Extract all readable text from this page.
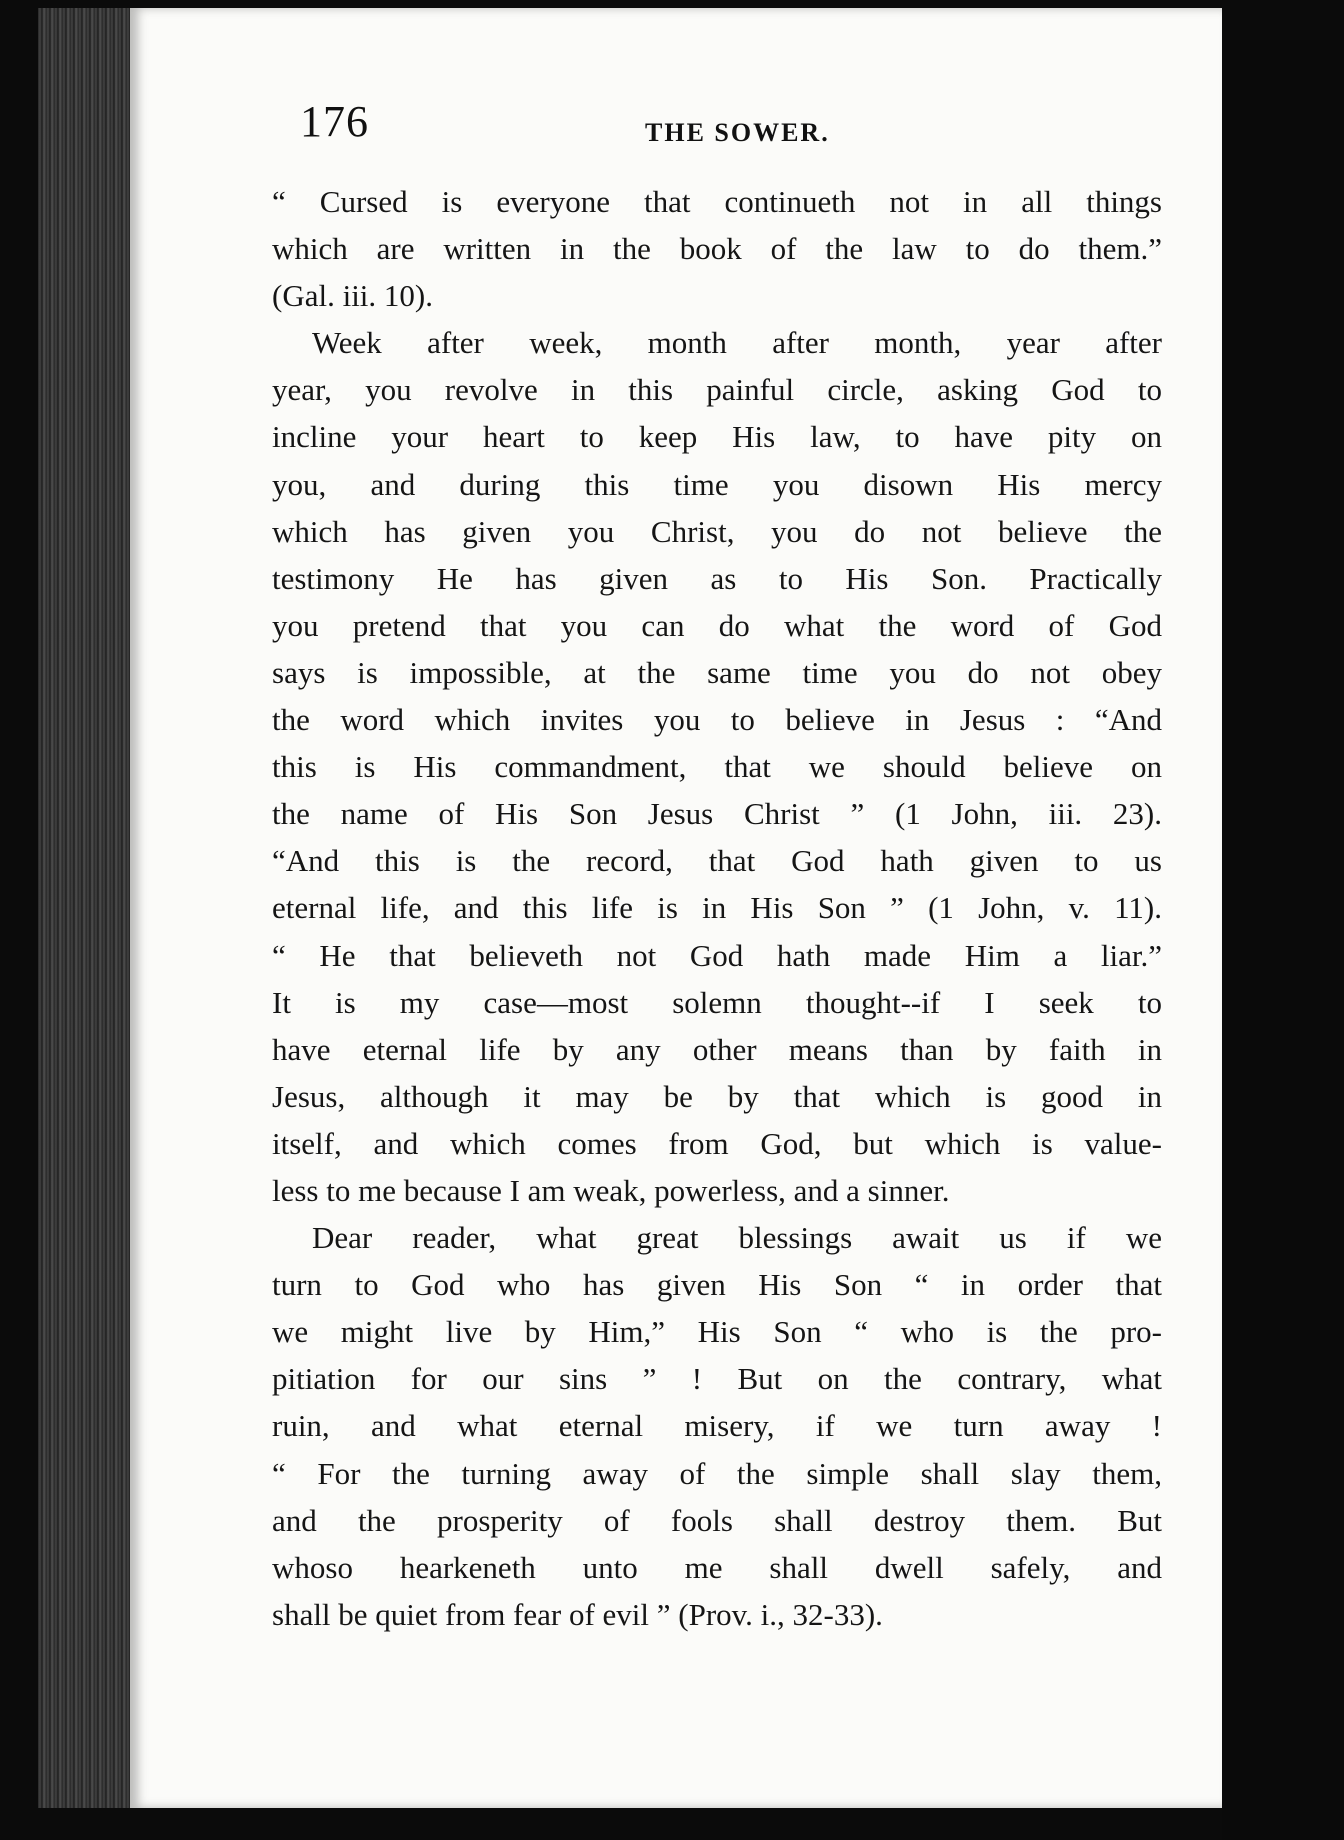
176	THE SOWER.
“ Cursed is everyone that continueth not in all things
which are written in the book of the law to do them.”
(Gal. iii. 10).
Week after week, month after month, year after
year, you revolve in this painful circle, asking God to
incline your heart to keep His law, to have pity on
you, and during this time you disown His mercy
which has given you Christ, you do not believe the
testimony He has given as to His Son. Practically
you pretend that you can do what the word of God
says is impossible, at the same time you do not obey
the word which invites you to believe in Jesus : “And
this is His commandment, that we should believe on
the name of His Son Jesus Christ ” (1 John, iii. 23).
“And this is the record, that God hath given to us
eternal life, and this life is in His Son ” (1 John, v. 11).
“ He that believeth not God hath made Him a liar.”
It is my case—most solemn thought--if I seek to
have eternal life by any other means than by faith in
Jesus, although it may be by that which is good in
itself, and which comes from God, but which is value-
less to me because I am weak, powerless, and a sinner.
Dear reader, what great blessings await us if we
turn to God who has given His Son “ in order that
we might live by Him,” His Son “ who is the pro-
pitiation for our sins ” ! But on the contrary, what
ruin, and what eternal misery, if we turn away !
“ For the turning away of the simple shall slay them,
and the prosperity of fools shall destroy them. But
whoso hearkeneth unto me shall dwell safely, and
shall be quiet from fear of evil ” (Prov. i., 32-33).
